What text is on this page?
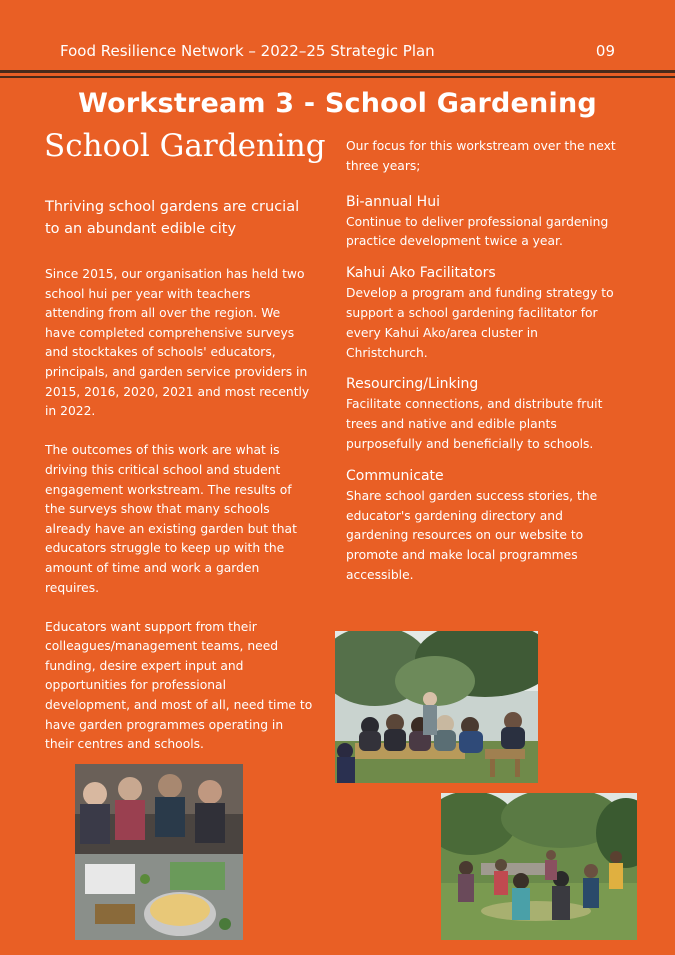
Food Resilience Network – 2022–25 Strategic Plan	09
Workstream 3 - School Gardening
School Gardening
Thriving school gardens are crucial to an abundant edible city

Since 2015, our organisation has held two school hui per year with teachers attending from all over the region. We have completed comprehensive surveys and stocktakes of schools' educators, principals, and garden service providers in 2015, 2016, 2020, 2021 and most recently in 2022.

The outcomes of this work are what is driving this critical school and student engagement workstream. The results of the surveys show that many schools already have an existing garden but that educators struggle to keep up with the amount of time and work a garden requires.

Educators want support from their colleagues/management teams, need funding, desire expert input and opportunities for professional development, and most of all, need time to have garden programmes operating in their centres and schools.

Our focus for this workstream over the next three years;

Bi-annual Hui

Continue to deliver professional gardening practice development twice a year.

Kahui Ako Facilitators

Develop a program and funding strategy to support a school gardening facilitator for every Kahui Ako/area cluster in Christchurch.

Resourcing/Linking

Facilitate connections, and distribute fruit trees and native and edible plants purposefully and beneficially to schools.

Communicate

Share school garden success stories, the educator's gardening directory and gardening resources on our website to promote and make local programmes accessible.
